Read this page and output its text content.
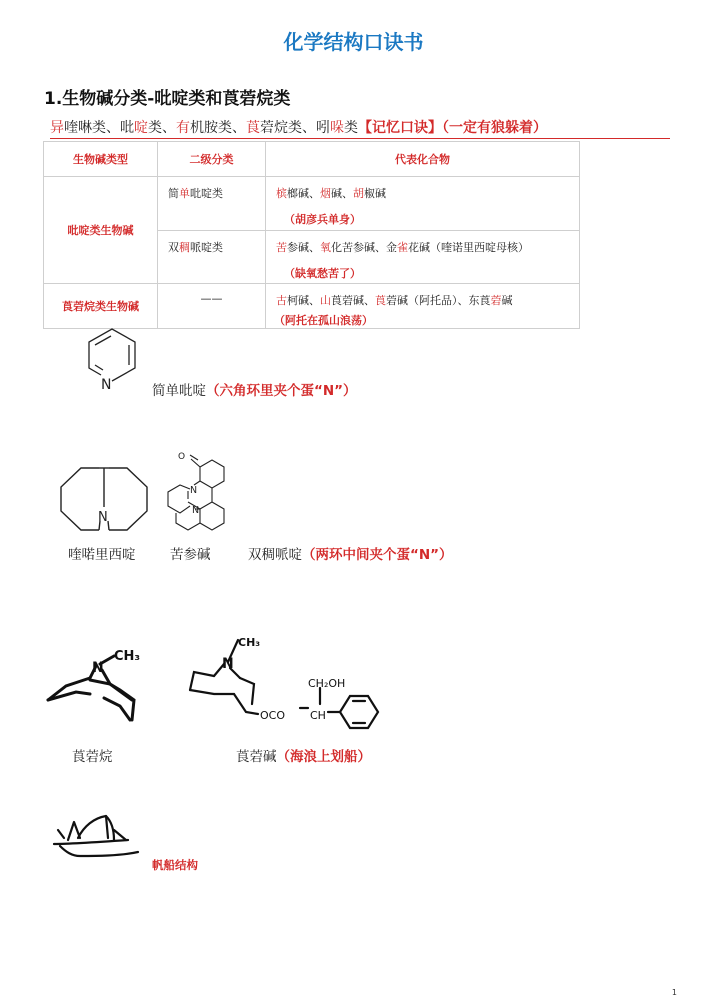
化学结构口诀书
1.生物碱分类-吡啶类和莨菪烷类
异喹啉类、吡啶类、有机胺类、莨菪烷类、吲哚类【记忆口诀】（一定有狼躲着）
生物碱类型	二级分类	代表化合物
吡啶类生物碱	简单吡啶类	槟榔碱、烟碱、胡椒碱
（胡彦兵单身）

	双稠哌啶类	苦参碱、氧化苦参碱、金雀花碱（喹诺里西啶母核）
（缺氧愁苦了）

莨菪烷类生物碱	——	古柯碱、山莨菪碱、莨菪碱（阿托品）、东莨菪碱
（阿托在孤山浪荡）
N	简单吡啶（六角环里夹个蛋“N”）
N
O
N
N
喹喏里西啶	苦参碱	双稠哌啶（两环中间夹个蛋“N”）
N
CH₃
莨菪烷
N
CH₃
CH₂OH
OCO CH
莨菪碱（海浪上划船）
帆船结构
1
